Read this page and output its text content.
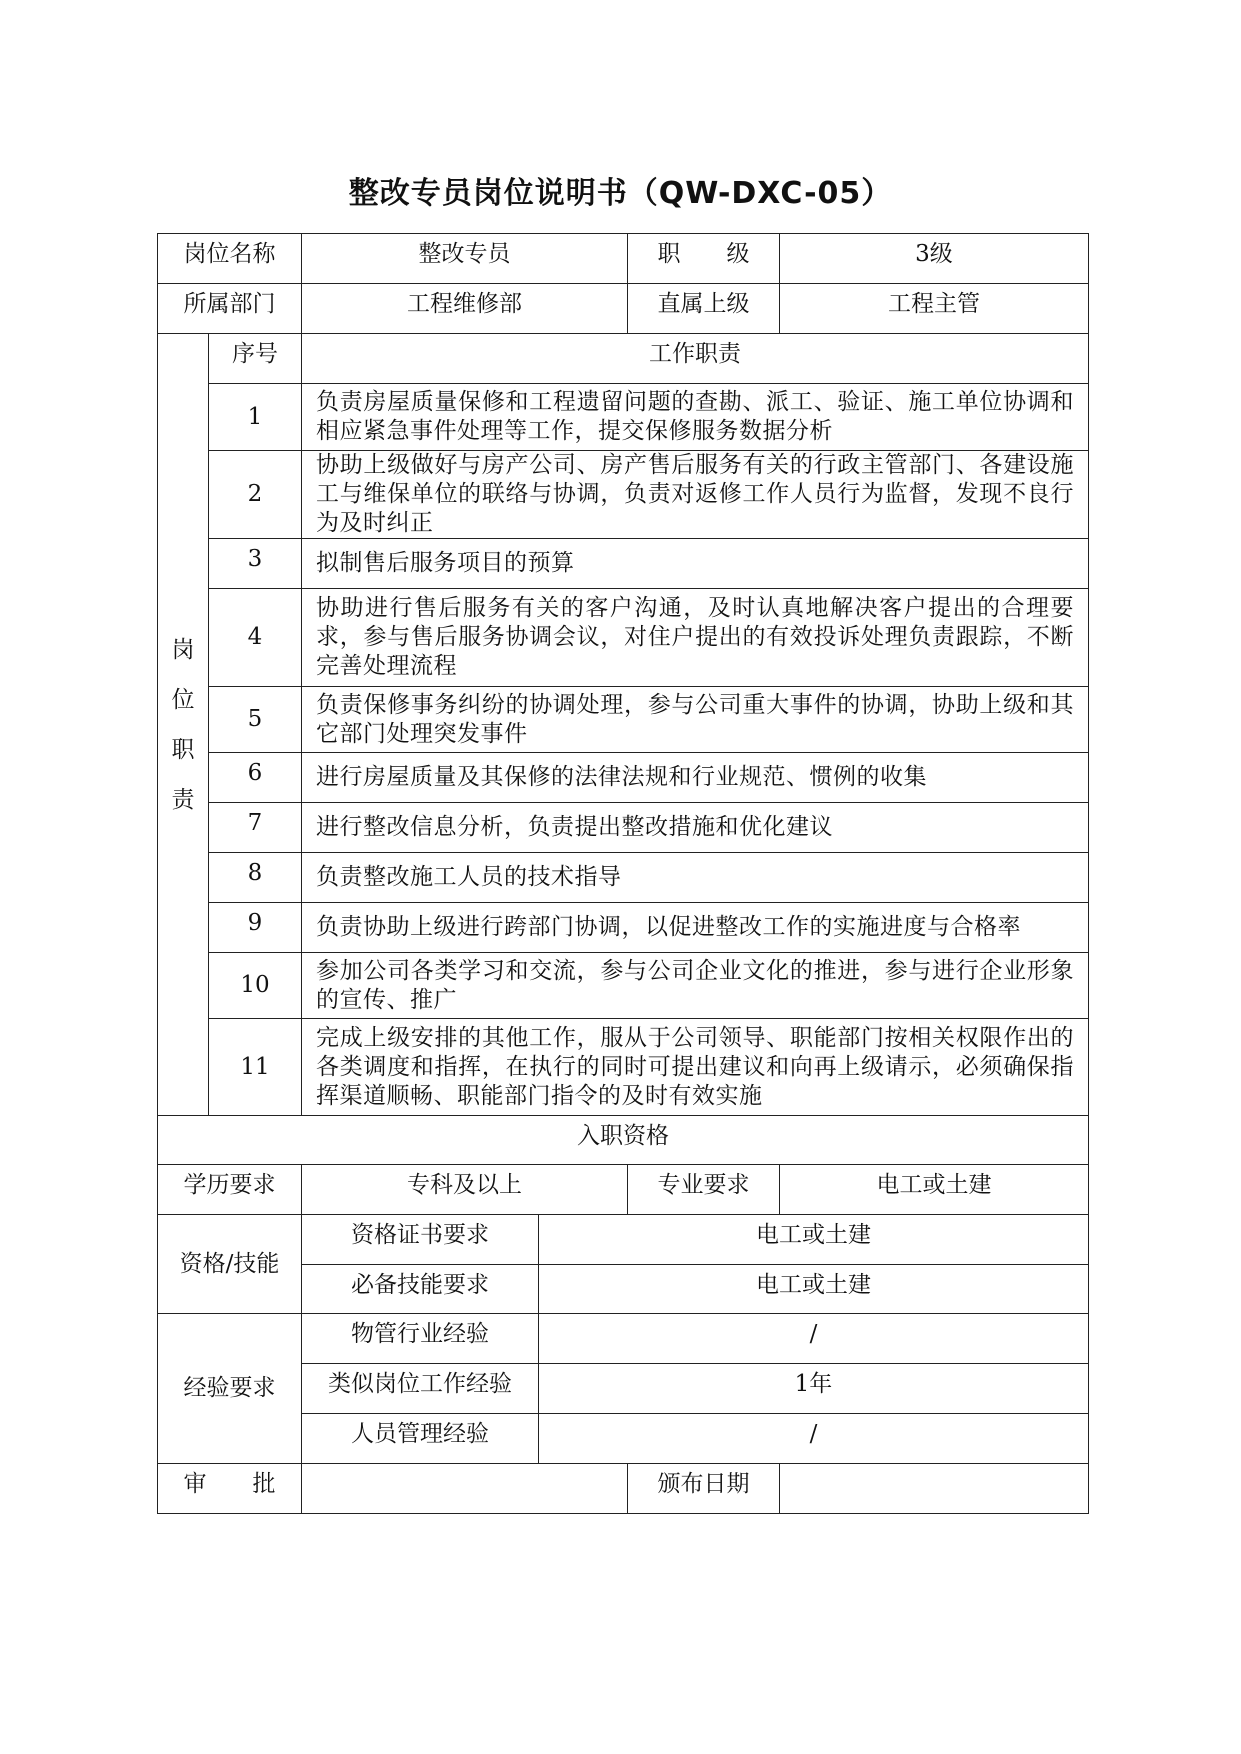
整改专员岗位说明书（QW-DXC-05）
岗位名称		整改专员		职　　级	3级
所属部门		工程维修部		直属上级	工程主管
岗
位
职
责	序号	工作职责			
	1	负责房屋质量保修和工程遗留问题的查勘、派工、验证、施工单位协调和相应紧急事件处理等工作，提交保修服务数据分析			
	2	协助上级做好与房产公司、房产售后服务有关的行政主管部门、各建设施工与维保单位的联络与协调，负责对返修工作人员行为监督，发现不良行为及时纠正			
	3	拟制售后服务项目的预算			
	4	协助进行售后服务有关的客户沟通，及时认真地解决客户提出的合理要求，参与售后服务协调会议，对住户提出的有效投诉处理负责跟踪，不断完善处理流程			
	5	负责保修事务纠纷的协调处理，参与公司重大事件的协调，协助上级和其它部门处理突发事件			
	6	进行房屋质量及其保修的法律法规和行业规范、惯例的收集			
	7	进行整改信息分析，负责提出整改措施和优化建议			
	8	负责整改施工人员的技术指导			
	9	负责协助上级进行跨部门协调，以促进整改工作的实施进度与合格率			
	10	参加公司各类学习和交流，参与公司企业文化的推进，参与进行企业形象的宣传、推广			
	11	完成上级安排的其他工作，服从于公司领导、职能部门按相关权限作出的各类调度和指挥，在执行的同时可提出建议和向再上级请示，必须确保指挥渠道顺畅、职能部门指令的及时有效实施			
入职资格					
学历要求		专科及以上		专业要求	电工或土建
资格/技能		资格证书要求	电工或土建		
		必备技能要求	电工或土建		
经验要求		物管行业经验	/		
		类似岗位工作经验	1年		
		人员管理经验	/		
审　　批				颁布日期	
